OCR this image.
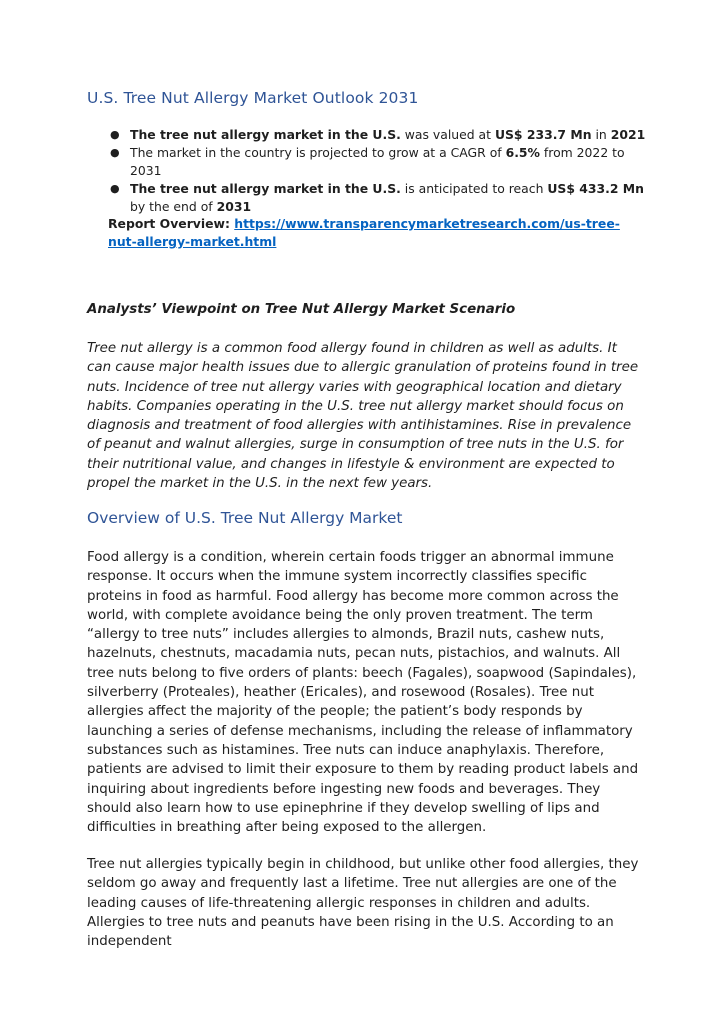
U.S. Tree Nut Allergy Market Outlook 2031
● The tree nut allergy market in the U.S. was valued at US$ 233.7 Mn in 2021
● The market in the country is projected to grow at a CAGR of 6.5% from 2022 to 2031
● The tree nut allergy market in the U.S. is anticipated to reach US$ 433.2 Mn by the end of 2031
Report Overview: https://www.transparencymarketresearch.com/us-tree-nut-allergy-market.html
Analysts’ Viewpoint on Tree Nut Allergy Market Scenario

Tree nut allergy is a common food allergy found in children as well as adults. It can cause major health issues due to allergic granulation of proteins found in tree nuts. Incidence of tree nut allergy varies with geographical location and dietary habits. Companies operating in the U.S. tree nut allergy market should focus on diagnosis and treatment of food allergies with antihistamines. Rise in prevalence of peanut and walnut allergies, surge in consumption of tree nuts in the U.S. for their nutritional value, and changes in lifestyle & environment are expected to propel the market in the U.S. in the next few years.

Overview of U.S. Tree Nut Allergy Market

Food allergy is a condition, wherein certain foods trigger an abnormal immune response. It occurs when the immune system incorrectly classifies specific proteins in food as harmful. Food allergy has become more common across the world, with complete avoidance being the only proven treatment. The term “allergy to tree nuts” includes allergies to almonds, Brazil nuts, cashew nuts, hazelnuts, chestnuts, macadamia nuts, pecan nuts, pistachios, and walnuts. All tree nuts belong to five orders of plants: beech (Fagales), soapwood (Sapindales), silverberry (Proteales), heather (Ericales), and rosewood (Rosales). Tree nut allergies affect the majority of the people; the patient’s body responds by launching a series of defense mechanisms, including the release of inflammatory substances such as histamines. Tree nuts can induce anaphylaxis. Therefore, patients are advised to limit their exposure to them by reading product labels and inquiring about ingredients before ingesting new foods and beverages. They should also learn how to use epinephrine if they develop swelling of lips and difficulties in breathing after being exposed to the allergen.

Tree nut allergies typically begin in childhood, but unlike other food allergies, they seldom go away and frequently last a lifetime. Tree nut allergies are one of the leading causes of life-threatening allergic responses in children and adults. Allergies to tree nuts and peanuts have been rising in the U.S. According to an independent
